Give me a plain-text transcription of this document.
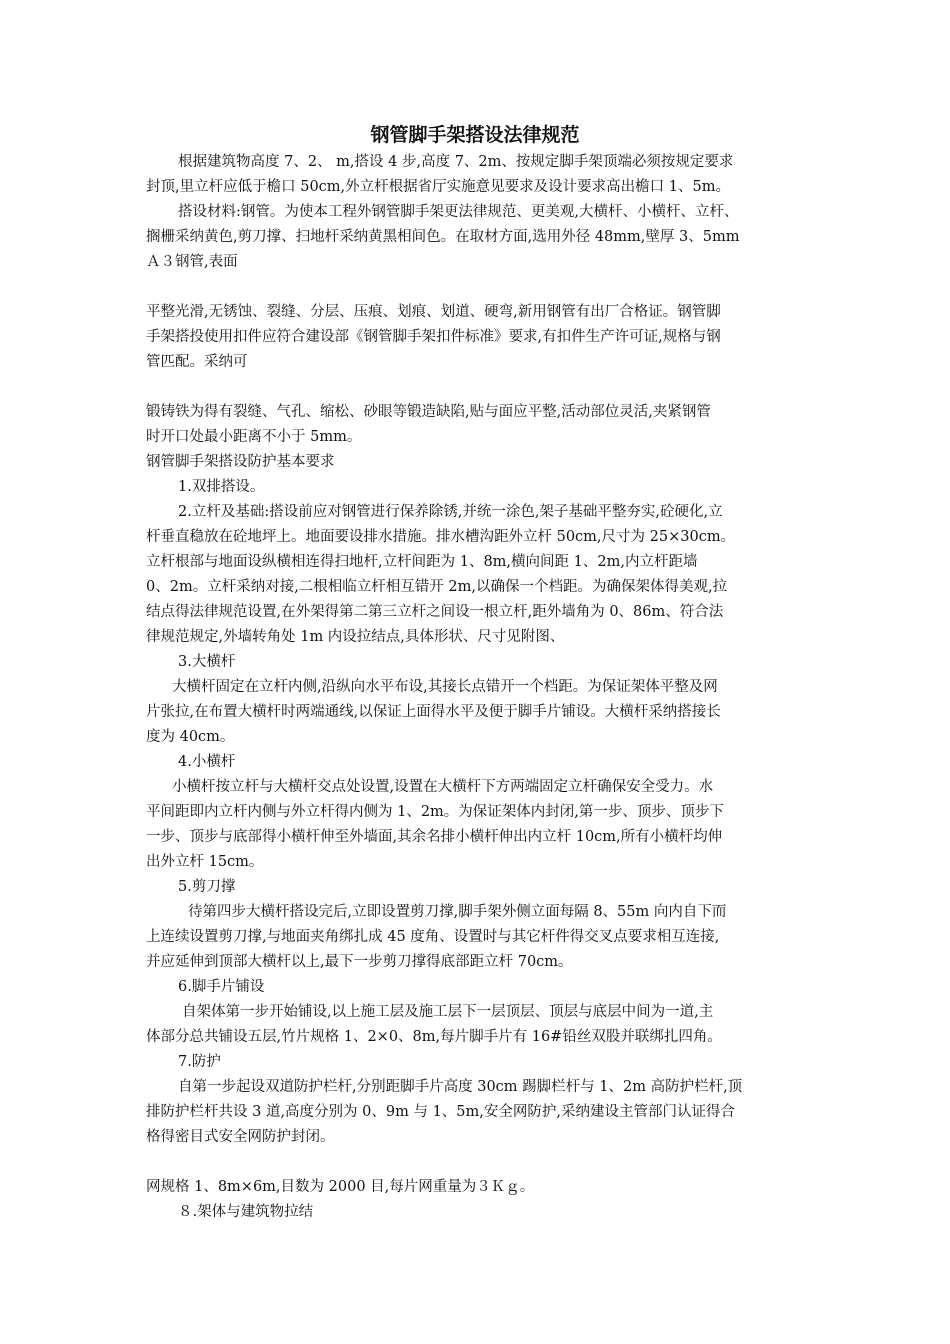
钢管脚手架搭设法律规范
根据建筑物高度 7、2、 m,搭设 4 步,高度 7、2m、按规定脚手架顶端必须按规定要求
封顶,里立杆应低于檐口 50cm,外立杆根据省厅实施意见要求及设计要求高出檐口 1、5m。
搭设材料:钢管。为使本工程外钢管脚手架更法律规范、更美观,大横杆、小横杆、立杆、
搁栅采纳黄色,剪刀撑、扫地杆采纳黄黑相间色。在取材方面,选用外径 48mm,壁厚 3、5mm
Ａ３钢管,表面
平整光滑,无锈蚀、裂缝、分层、压痕、划痕、划道、硬弯,新用钢管有出厂合格证。钢管脚
手架搭投使用扣件应符合建设部《钢管脚手架扣件标准》要求,有扣件生产许可证,规格与钢
管匹配。采纳可
锻铸铁为得有裂缝、气孔、缩松、砂眼等锻造缺陷,贴与面应平整,活动部位灵活,夹紧钢管
时开口处最小距离不小于 5mm。
钢管脚手架搭设防护基本要求
1.双排搭设。
2.立杆及基础:搭设前应对钢管进行保养除锈,并统一涂色,架子基础平整夯实,砼硬化,立
杆垂直稳放在砼地坪上。地面要设排水措施。排水槽沟距外立杆 50cm,尺寸为 25×30cm。
立杆根部与地面设纵横相连得扫地杆,立杆间距为 1、8m,横向间距 1、2m,内立杆距墙
0、2m。立杆采纳对接,二根相临立杆相互错开 2m,以确保一个档距。为确保架体得美观,拉
结点得法律规范设置,在外架得第二第三立杆之间设一根立杆,距外墙角为 0、86m、符合法
律规范规定,外墙转角处 1m 内设拉结点,具体形状、尺寸见附图、
3.大横杆
大横杆固定在立杆内侧,沿纵向水平布设,其接长点错开一个档距。为保证架体平整及网
片张拉,在布置大横杆时两端通线,以保证上面得水平及便于脚手片铺设。大横杆采纳搭接长
度为 40cm。
4.小横杆
小横杆按立杆与大横杆交点处设置,设置在大横杆下方两端固定立杆确保安全受力。水
平间距即内立杆内侧与外立杆得内侧为 1、2m。为保证架体内封闭,第一步、顶步、顶步下
一步、顶步与底部得小横杆伸至外墙面,其余名排小横杆伸出内立杆 10cm,所有小横杆均伸
出外立杆 15cm。
5.剪刀撑
待第四步大横杆搭设完后,立即设置剪刀撑,脚手架外侧立面每隔 8、55m 向内自下而
上连续设置剪刀撑,与地面夹角绑扎成 45 度角、设置时与其它杆件得交叉点要求相互连接,
并应延伸到顶部大横杆以上,最下一步剪刀撑得底部距立杆 70cm。
6.脚手片铺设
自架体第一步开始铺设,以上施工层及施工层下一层顶层、顶层与底层中间为一道,主
体部分总共铺设五层,竹片规格 1、2×0、8m,每片脚手片有 16#铅丝双股并联绑扎四角。
7.防护
自第一步起设双道防护栏杆,分别距脚手片高度 30cm 踢脚栏杆与 1、2m 高防护栏杆,顶
排防护栏杆共设 3 道,高度分别为 0、9m 与 1、5m,安全网防护,采纳建设主管部门认证得合
格得密目式安全网防护封闭。
网规格 1、8m×6m,目数为 2000 目,每片网重量为３Ｋｇ。
８.架体与建筑物拉结
